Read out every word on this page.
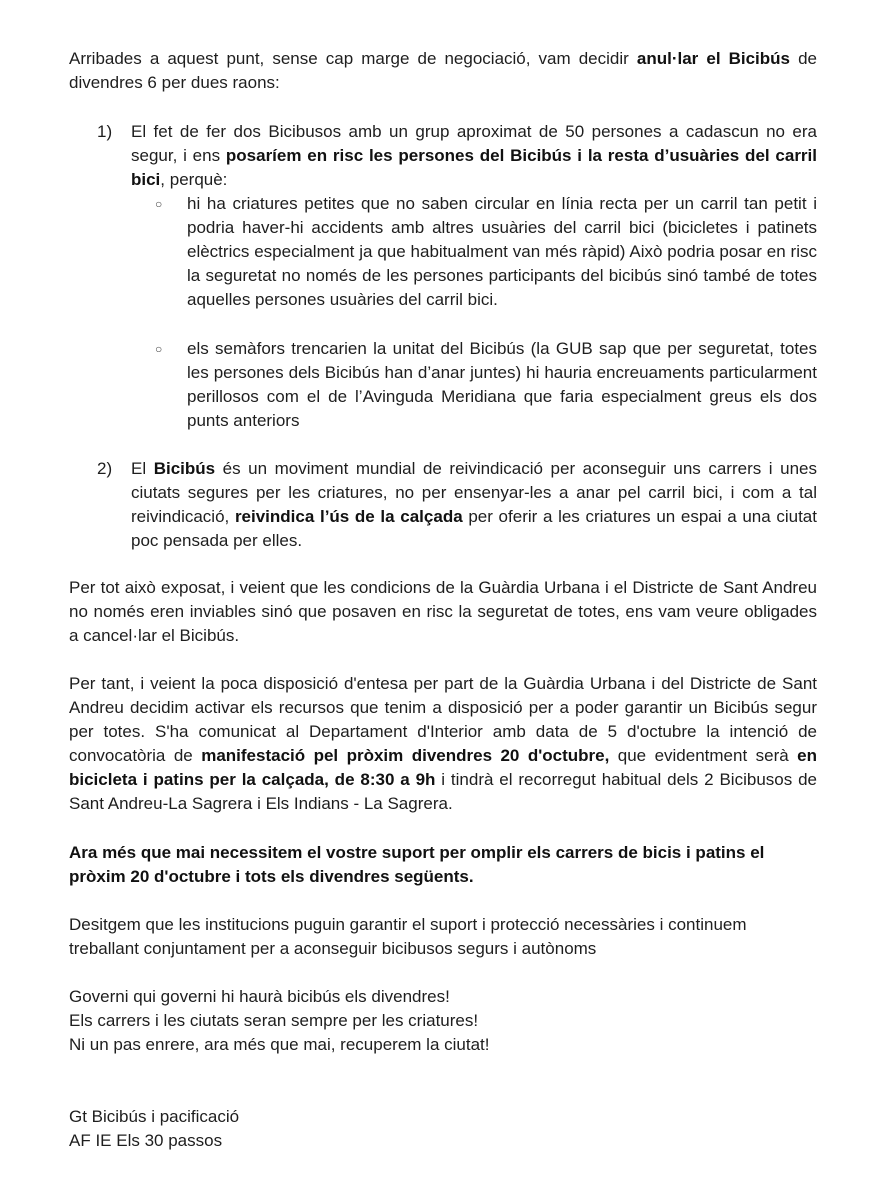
Arribades a aquest punt, sense cap marge de negociació, vam decidir anul·lar el Bicibús de divendres 6 per dues raons:

1)	El fet de fer dos Bicibusos amb un grup aproximat de 50 persones a cadascun no era segur, i ens posaríem en risc les persones del Bicibús i la resta d’usuàries del carril bici, perquè:

○ hi ha criatures petites que no saben circular en línia recta per un carril tan petit i podria haver-hi accidents amb altres usuàries del carril bici (bicicletes i patinets elèctrics especialment ja que habitualment van més ràpid) Això podria posar en risc la seguretat no només de les persones participants del bicibús sinó també de totes aquelles persones usuàries del carril bici.

○ els semàfors trencarien la unitat del Bicibús (la GUB sap que per seguretat, totes les persones dels Bicibús han d’anar juntes) hi hauria encreuaments particularment perillosos com el de l’Avinguda Meridiana que faria especialment greus els dos punts anteriors

2)	El Bicibús és un moviment mundial de reivindicació per aconseguir uns carrers i unes ciutats segures per les criatures, no per ensenyar-les a anar pel carril bici, i com a tal reivindicació, reivindica l’ús de la calçada per oferir a les criatures un espai a una ciutat poc pensada per elles.

Per tot això exposat, i veient que les condicions de la Guàrdia Urbana i el Districte de Sant Andreu no només eren inviables sinó que posaven en risc la seguretat de totes, ens vam veure obligades a cancel·lar el Bicibús.

Per tant, i veient la poca disposició d'entesa per part de la Guàrdia Urbana i del Districte de Sant Andreu decidim activar els recursos que tenim a disposició per a poder garantir un Bicibús segur per totes. S'ha comunicat al Departament d'Interior amb data de 5 d'octubre la intenció de convocatòria de manifestació pel pròxim divendres 20 d'octubre, que evidentment serà en bicicleta i patins per la calçada, de 8:30 a 9h i tindrà el recorregut habitual dels 2 Bicibusos de Sant Andreu-La Sagrera i Els Indians - La Sagrera.

Ara més que mai necessitem el vostre suport per omplir els carrers de bicis i patins el pròxim 20 d'octubre i tots els divendres següents.

Desitgem que les institucions puguin garantir el suport i protecció necessàries i continuem treballant conjuntament per a aconseguir bicibusos segurs i autònoms

Governi qui governi hi haurà bicibús els divendres!

Els carrers i les ciutats seran sempre per les criatures!

Ni un pas enrere, ara més que mai, recuperem la ciutat!

Gt Bicibús i pacificació

AF IE Els 30 passos
